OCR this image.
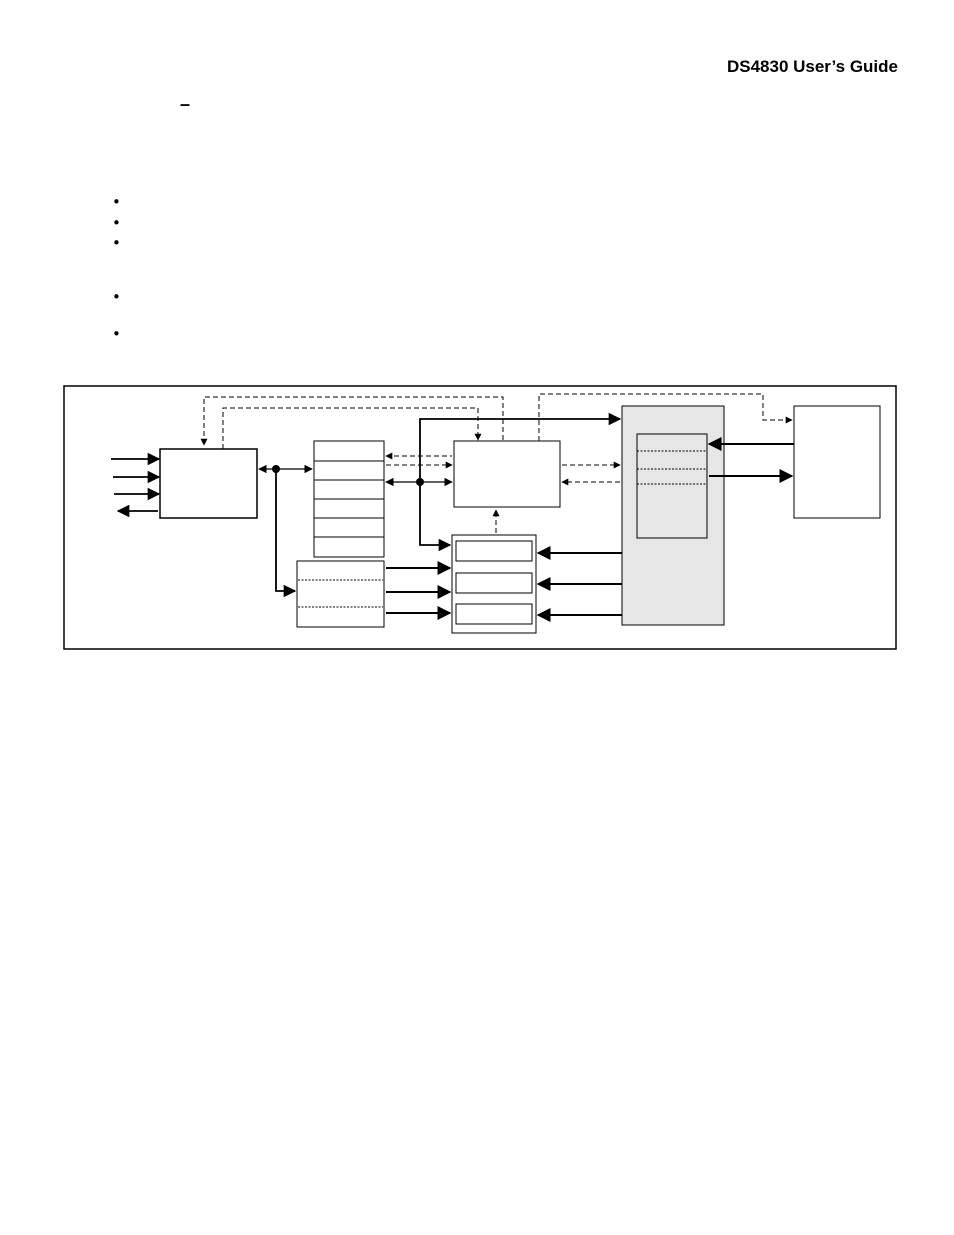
DS4830 User’s Guide
–
•
•
•
•
•
